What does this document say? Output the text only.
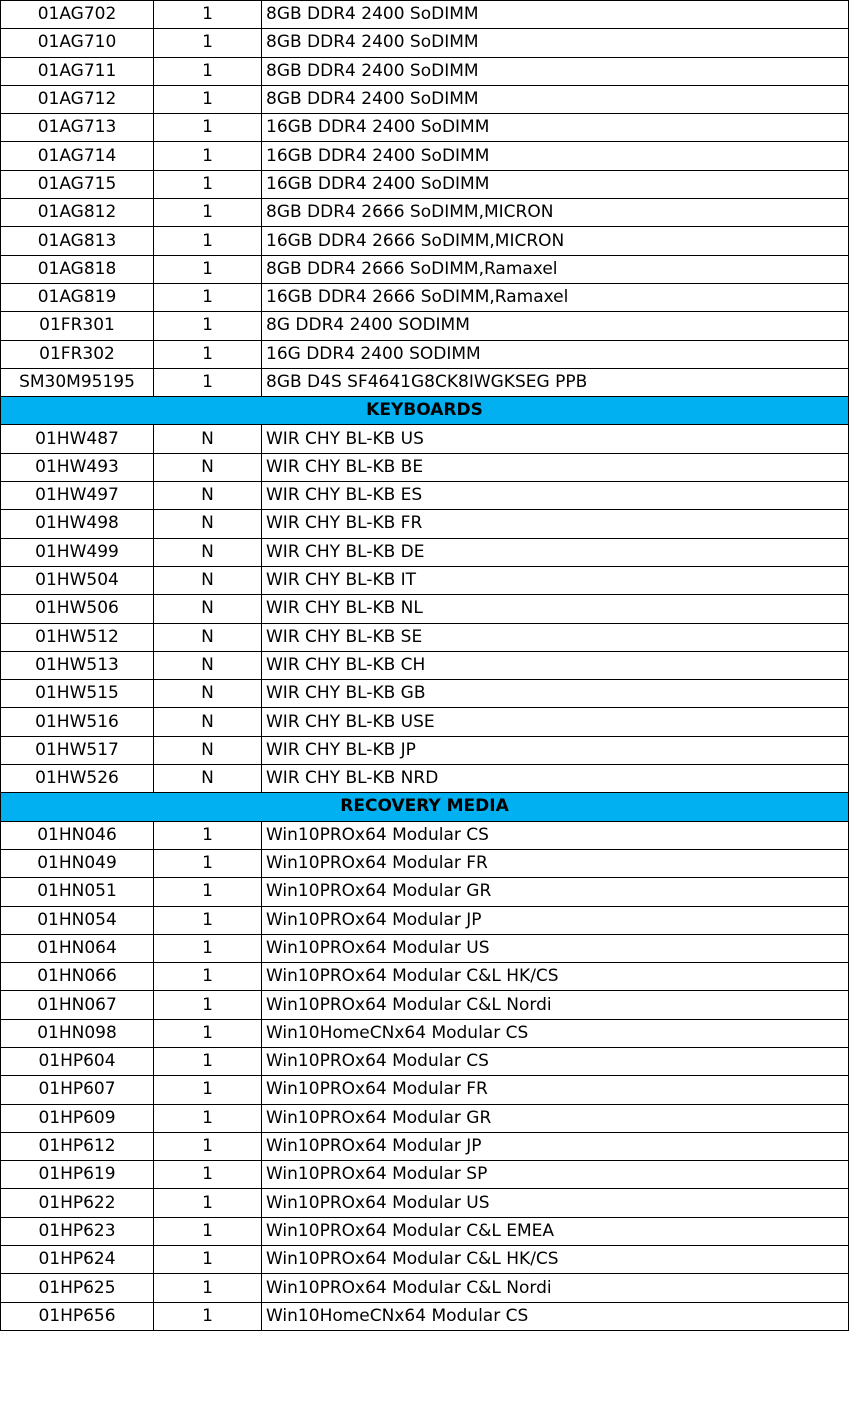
01AG702	1	8GB DDR4 2400 SoDIMM
01AG710	1	8GB DDR4 2400 SoDIMM
01AG711	1	8GB DDR4 2400 SoDIMM
01AG712	1	8GB DDR4 2400 SoDIMM
01AG713	1	16GB DDR4 2400 SoDIMM
01AG714	1	16GB DDR4 2400 SoDIMM
01AG715	1	16GB DDR4 2400 SoDIMM
01AG812	1	8GB DDR4 2666 SoDIMM,MICRON
01AG813	1	16GB DDR4 2666 SoDIMM,MICRON
01AG818	1	8GB DDR4 2666 SoDIMM,Ramaxel
01AG819	1	16GB DDR4 2666 SoDIMM,Ramaxel
01FR301	1	8G DDR4 2400 SODIMM
01FR302	1	16G DDR4 2400 SODIMM
SM30M95195	1	8GB D4S SF4641G8CK8IWGKSEG PPB
KEYBOARDS		
01HW487	N	WIR CHY BL-KB US
01HW493	N	WIR CHY BL-KB BE
01HW497	N	WIR CHY BL-KB ES
01HW498	N	WIR CHY BL-KB FR
01HW499	N	WIR CHY BL-KB DE
01HW504	N	WIR CHY BL-KB IT
01HW506	N	WIR CHY BL-KB NL
01HW512	N	WIR CHY BL-KB SE
01HW513	N	WIR CHY BL-KB CH
01HW515	N	WIR CHY BL-KB GB
01HW516	N	WIR CHY BL-KB USE
01HW517	N	WIR CHY BL-KB JP
01HW526	N	WIR CHY BL-KB NRD
RECOVERY MEDIA		
01HN046	1	Win10PROx64 Modular CS
01HN049	1	Win10PROx64 Modular FR
01HN051	1	Win10PROx64 Modular GR
01HN054	1	Win10PROx64 Modular JP
01HN064	1	Win10PROx64 Modular US
01HN066	1	Win10PROx64 Modular C&L HK/CS
01HN067	1	Win10PROx64 Modular C&L Nordi
01HN098	1	Win10HomeCNx64 Modular CS
01HP604	1	Win10PROx64 Modular CS
01HP607	1	Win10PROx64 Modular FR
01HP609	1	Win10PROx64 Modular GR
01HP612	1	Win10PROx64 Modular JP
01HP619	1	Win10PROx64 Modular SP
01HP622	1	Win10PROx64 Modular US
01HP623	1	Win10PROx64 Modular C&L EMEA
01HP624	1	Win10PROx64 Modular C&L HK/CS
01HP625	1	Win10PROx64 Modular C&L Nordi
01HP656	1	Win10HomeCNx64 Modular CS
